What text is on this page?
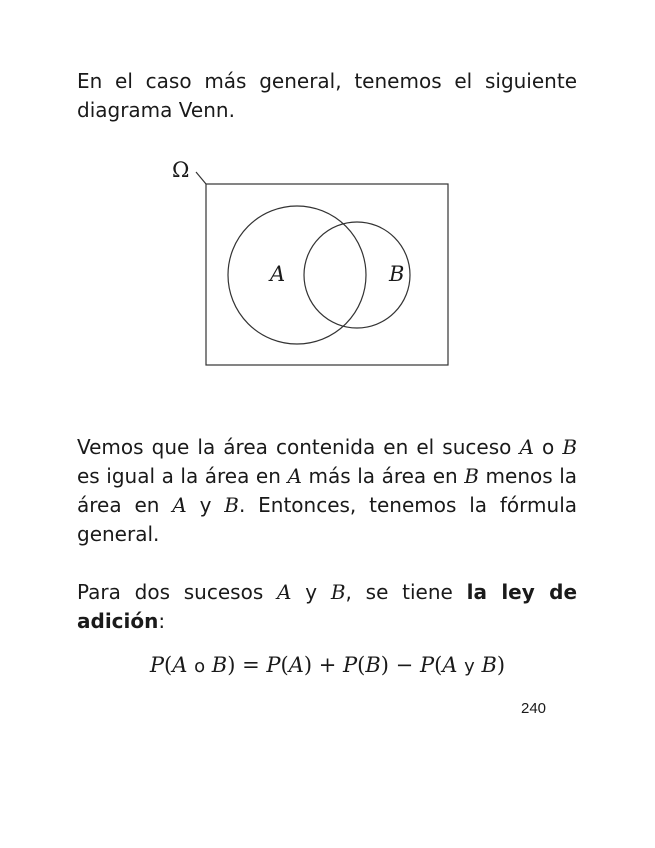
En el caso más general, tenemos el siguiente diagrama Venn.

Ω
A	B

Vemos que la área contenida en el suceso A o B es igual a la área en A más la área en B menos la área en A y B. Entonces, tenemos la fórmula general.

Para dos sucesos A y B, se tiene la ley de adición:

P(A o B) = P(A) + P(B) − P(A y B)
240
